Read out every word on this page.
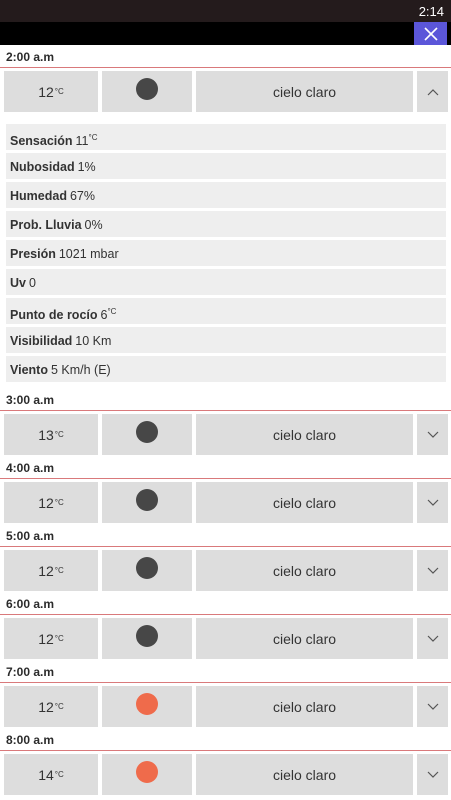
2:14
2:00 a.m
12 °C	cielo claro
Sensación $11^{^\circ C}$
Nubosidad 1%
Humedad 67%
Prob. Lluvia 0%
Presión 1021 mbar
Uv 0
Punto de rocío $6^{^\circ C}$
Visibilidad 10 Km
Viento 5 Km/h (E)
3:00 a.m
13 °C	cielo claro
4:00 a.m
12 °C	cielo claro
5:00 a.m
12 °C	cielo claro
6:00 a.m
12 °C	cielo claro
7:00 a.m
12 °C	cielo claro
8:00 a.m
14 °C	cielo claro
